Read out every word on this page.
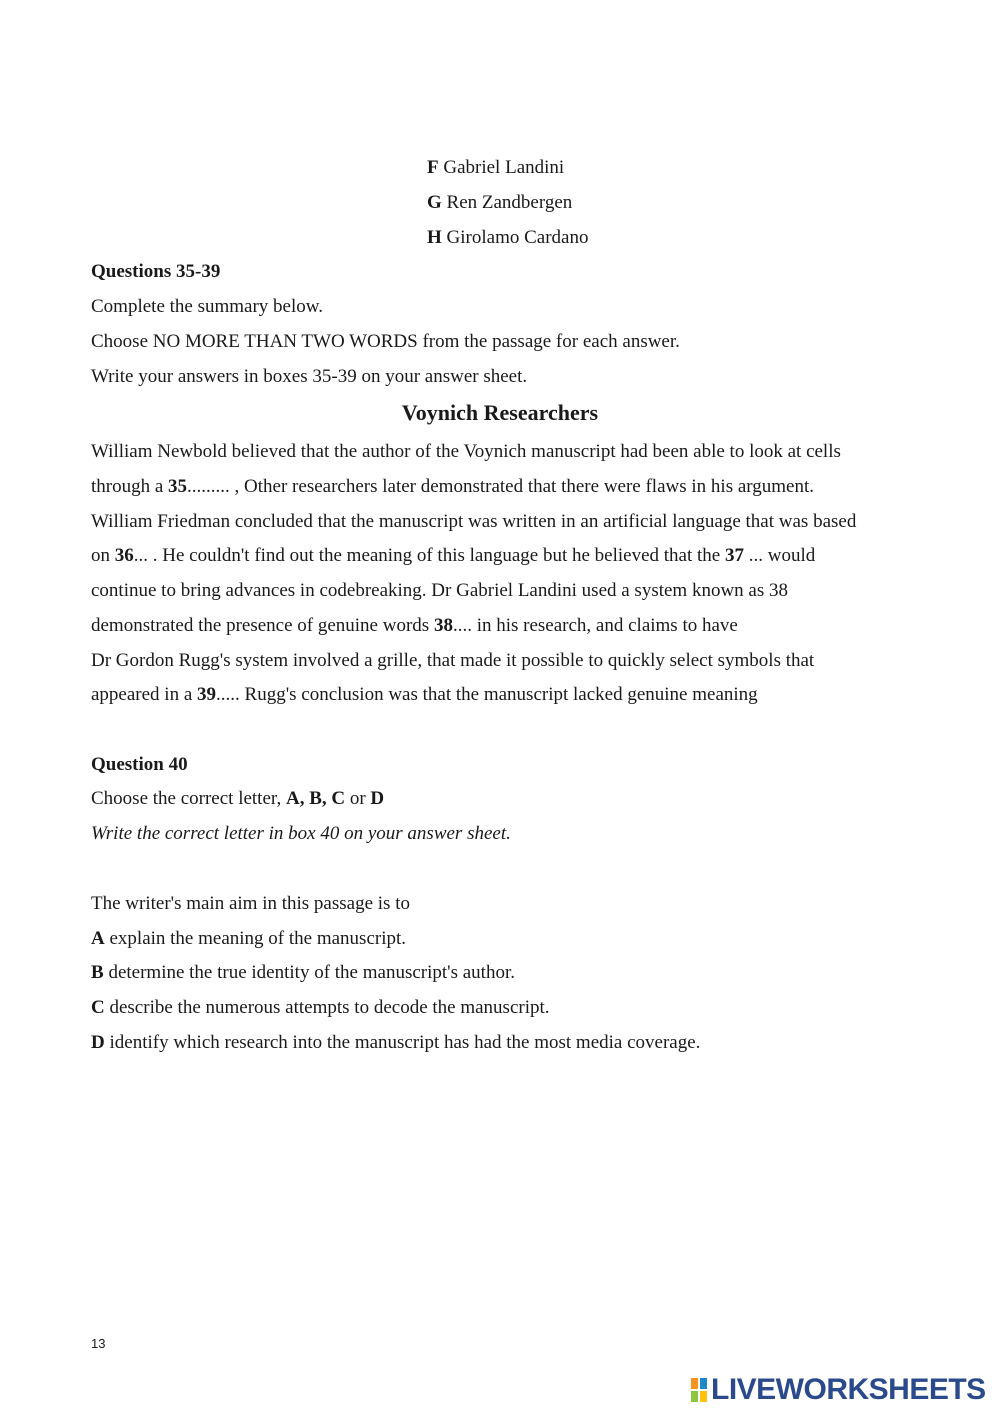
F Gabriel Landini
G Ren Zandbergen
H Girolamo Cardano
Questions 35-39
Complete the summary below.
Choose NO MORE THAN TWO WORDS from the passage for each answer.
Write your answers in boxes 35-39 on your answer sheet.
Voynich Researchers
William Newbold believed that the author of the Voynich manuscript had been able to look at cells
through a 35......... , Other researchers later demonstrated that there were flaws in his argument.
William Friedman concluded that the manuscript was written in an artificial language that was based
on 36... . He couldn't find out the meaning of this language but he believed that the 37 ... would
continue to bring advances in codebreaking. Dr Gabriel Landini used a system known as 38
demonstrated the presence of genuine words 38.... in his research, and claims to have
Dr Gordon Rugg's system involved a grille, that made it possible to quickly select symbols that
appeared in a 39..... Rugg's conclusion was that the manuscript lacked genuine meaning
Question 40
Choose the correct letter, A, B, C or D
Write the correct letter in box 40 on your answer sheet.
The writer's main aim in this passage is to
A explain the meaning of the manuscript.
B determine the true identity of the manuscript's author.
C describe the numerous attempts to decode the manuscript.
D identify which research into the manuscript has had the most media coverage.
13
LIVEWORKSHEETS
